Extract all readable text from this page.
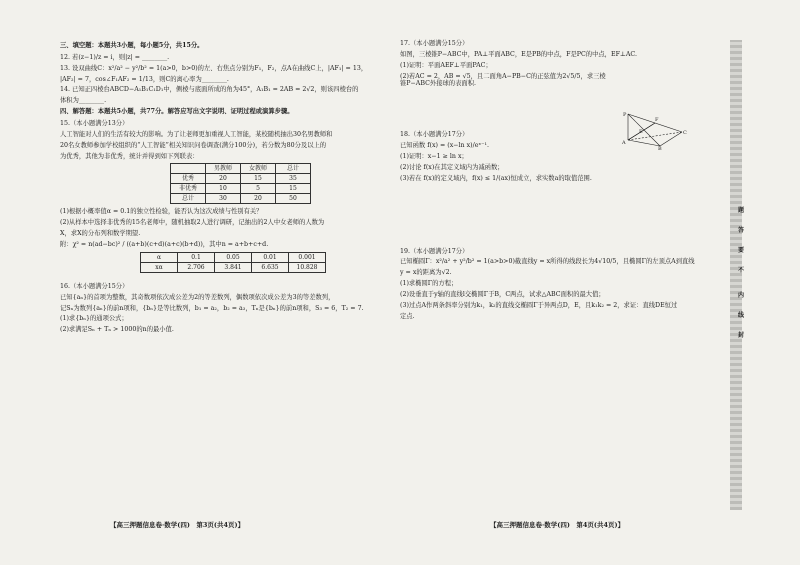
三、填空题：本题共3小题，每小题5分，共15分。
12. 若(z−1)/z = i，则|z| = ________.
13. 设双曲线C：x²/a² − y²/b² = 1(a>0，b>0)的左、右焦点分别为F₁，F₂，点A在曲线C上，|AF₁| = 13，
|AF₂| = 7，cos∠F₁AF₂ = 1/13，则C的离心率为________.
14. 已知正四棱台ABCD−A₁B₁C₁D₁中，侧棱与底面所成的角为45°，A₁B₁ = 2AB = 2√2，则该四棱台的
体积为________.
四、解答题：本题共5小题，共77分。解答应写出文字说明、证明过程或演算步骤。
15.（本小题满分13分）
人工智能对人们的生活有较大的影响。为了让老师更加重视人工智能，某校随机抽出30名男教师和
20名女教师参加学校组织的“人工智能”相关知识问卷调查(满分100分)，若分数为80分及以上的
为优秀，其他为非优秀，统计并得到如下列联表：
	男教师	女教师	总计
优秀	20	15	35
非优秀	10	5	15
总计	30	20	50
(1)根据小概率值α = 0.1的独立性检验，能否认为这次成绩与性别有关？
(2)从样本中选择非优秀的15名老师中，随机抽取2人进行调研，记抽出的2人中女老师的人数为
X，求X的分布列和数学期望.
附：χ² = n(ad−bc)² / ((a+b)(c+d)(a+c)(b+d))，其中n = a+b+c+d.
α	0.1	0.05	0.01	0.001
xα	2.706	3.841	6.635	10.828
16.（本小题满分15分）
已知{aₙ}的首项为整数，其奇数项依次成公差为2的等差数列，偶数项依次成公差为3的等差数列，
记Sₙ为数列{aₙ}的前n项和，{bₙ}是等比数列，b₁ = a₂，b₂ = a₃，Tₙ是{bₙ}的前n项和，S₃ = 6，T₂ = 7.
(1)求{bₙ}的通项公式；
(2)求满足Sₙ + Tₙ > 1000的n的最小值.
【高三押题信息卷·数学(四)　第3页(共4页)】
17.（本小题满分15分）
如图，三棱锥P−ABC中，PA⊥平面ABC，E是PB的中点，F是PC的中点，EF⊥AC.
(1)证明：平面AEF⊥平面PAC；
(2)若AC = 2，AB = √5，且二面角A−PB−C的正弦值为2√5/5，求三棱锥P−ABC外接球的表面积.
18.（本小题满分17分）
已知函数 f(x) = (x−ln x)/eˣ⁻¹.
(1)证明：x−1 ≥ ln x；
(2)讨论 f(x)在其定义域内为减函数；
(3)若在 f(x)的定义域内，f(x) ≤ 1/(ax)恒成立，求实数a的取值范围.
19.（本小题满分17分）
已知椭圆Γ：x²/a² + y²/b² = 1(a>b>0)截直线y = x所得的线段长为4√10/5，且椭圆Γ的左顶点A到直线
y = x的距离为√2.
(1)求椭圆Γ的方程；
(2)设垂直于y轴的直线l交椭圆Γ于B，C两点，试求△ABC面积的最大值；
(3)过点A作两条斜率分别为k₁，k₂的直线交椭圆Γ于异两点D，E，且k₁k₂ = 2，求证：直线DE恒过
定点.
【高三押题信息卷·数学(四)　第4页(共4页)】
P
E
F
A
B
C
题
答
要
不
内
线
封
